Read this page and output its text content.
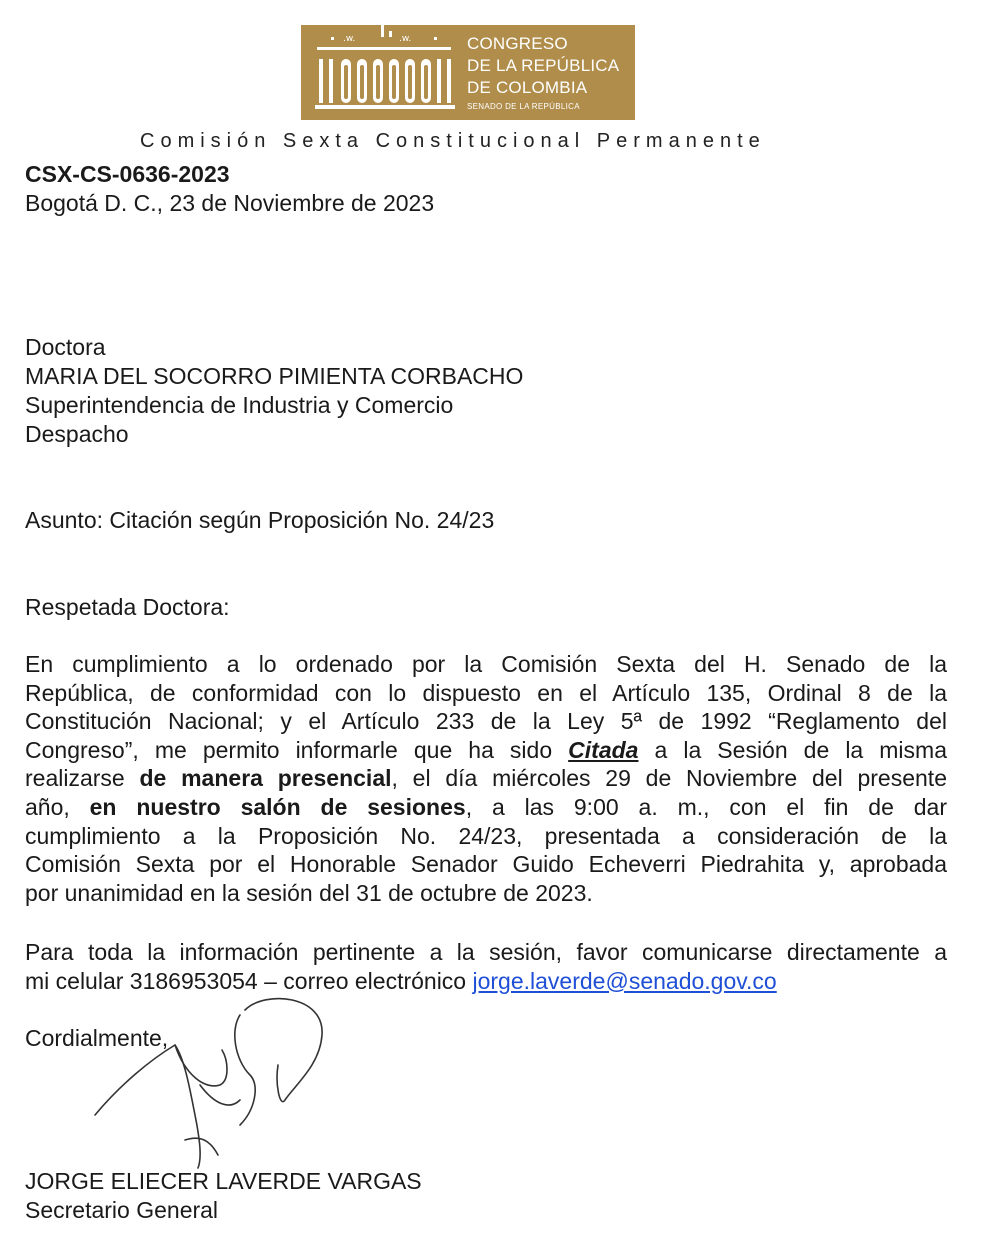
.w.	.w.	CONGRESO
DE LA REPÚBLICA
DE COLOMBIA
SENADO DE LA REPÚBLICA
Comisión Sexta Constitucional Permanente
CSX-CS-0636-2023
Bogotá D. C., 23 de Noviembre de 2023
Doctora
MARIA DEL SOCORRO PIMIENTA CORBACHO
Superintendencia de Industria y Comercio
Despacho
Asunto: Citación según Proposición No. 24/23
Respetada Doctora:
En cumplimiento a lo ordenado por la Comisión Sexta del H. Senado de la
República, de conformidad con lo dispuesto en el Artículo 135, Ordinal 8 de la
Constitución Nacional; y el Artículo 233 de la Ley 5ª de 1992 “Reglamento del
Congreso”, me permito informarle que ha sido Citada a la Sesión de la misma
realizarse de manera presencial, el día miércoles 29 de Noviembre del presente
año, en nuestro salón de sesiones, a las 9:00 a. m., con el fin de dar
cumplimiento a la Proposición No. 24/23, presentada a consideración de la
Comisión Sexta por el Honorable Senador Guido Echeverri Piedrahita y, aprobada
por unanimidad en la sesión del 31 de octubre de 2023.
Para toda la información pertinente a la sesión, favor comunicarse directamente a
mi celular 3186953054 – correo electrónico jorge.laverde@senado.gov.co
Cordialmente,
JORGE ELIECER LAVERDE VARGAS
Secretario General
